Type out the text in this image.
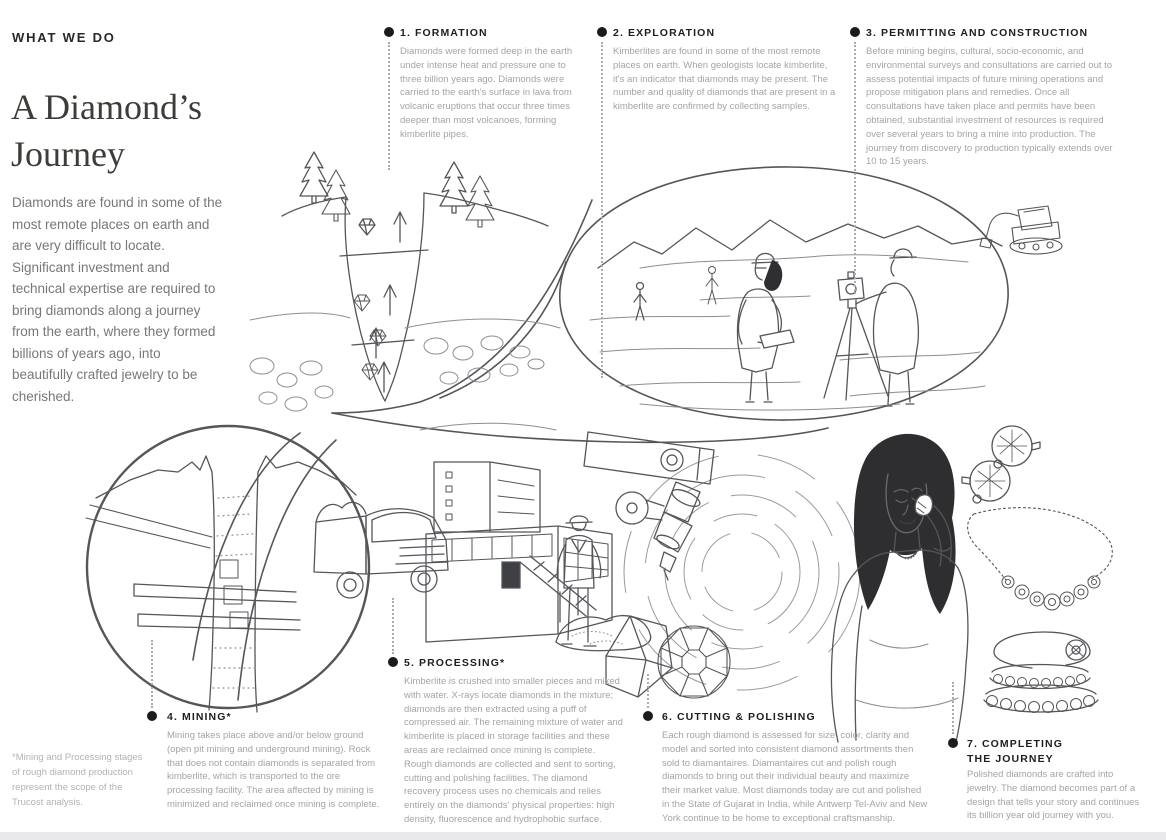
WHAT WE DO
A Diamond’s Journey

Diamonds are found in some of the most remote places on earth and are very difficult to locate. Significant investment and technical expertise are required to bring diamonds along a journey from the earth, where they formed billions of years ago, into beautifully crafted jewelry to be cherished.

*Mining and Processing stages of rough diamond production represent the scope of the Trucost analysis.

1. FORMATION

Diamonds were formed deep in the earth under intense heat and pressure one to three billion years ago. Diamonds were carried to the earth's surface in lava from volcanic eruptions that occur three times deeper than most volcanoes, forming kimberlite pipes.

2. EXPLORATION

Kimberlites are found in some of the most remote places on earth. When geologists locate kimberlite, it's an indicator that diamonds may be present. The number and quality of diamonds that are present in a kimberlite are confirmed by collecting samples.

3. PERMITTING AND CONSTRUCTION

Before mining begins, cultural, socio-economic, and environmental surveys and consultations are carried out to assess potential impacts of future mining operations and propose mitigation plans and remedies. Once all consultations have taken place and permits have been obtained, substantial investment of resources is required over several years to bring a mine into production. The journey from discovery to production typically extends over 10 to 15 years.

4. MINING*

Mining takes place above and/or below ground (open pit mining and underground mining). Rock that does not contain diamonds is separated from kimberlite, which is transported to the ore processing facility. The area affected by mining is minimized and reclaimed once mining is complete.

5. PROCESSING*

Kimberlite is crushed into smaller pieces and mixed with water. X-rays locate diamonds in the mixture; diamonds are then extracted using a puff of compressed air. The remaining mixture of water and kimberlite is placed in storage facilities and these areas are reclaimed once mining is complete. Rough diamonds are collected and sent to sorting, cutting and polishing facilities. The diamond recovery process uses no chemicals and relies entirely on the diamonds' physical properties: high density, fluorescence and hydrophobic surface.

6. CUTTING & POLISHING

Each rough diamond is assessed for size, color, clarity and model and sorted into consistent diamond assortments then sold to diamantaires. Diamantaires cut and polish rough diamonds to bring out their individual beauty and maximize their market value. Most diamonds today are cut and polished in the State of Gujarat in India, while Antwerp Tel-Aviv and New York continue to be home to exceptional craftsmanship.

7. COMPLETING THE JOURNEY

Polished diamonds are crafted into jewelry. The diamond becomes part of a design that tells your story and continues its billion year old journey with you.
